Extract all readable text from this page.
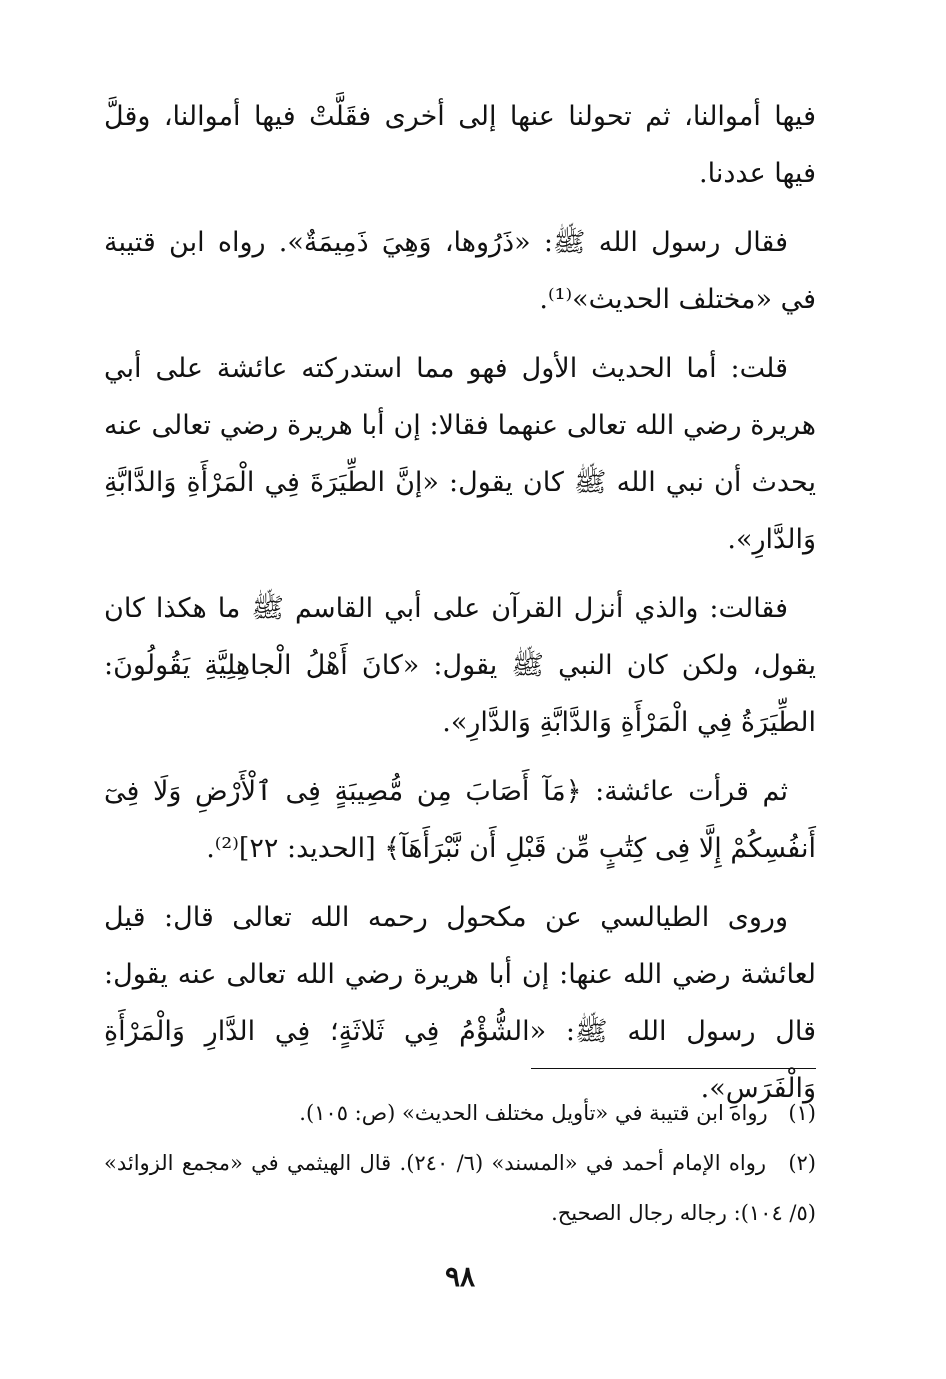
فيها أموالنا، ثم تحولنا عنها إلى أخرى فقَلَّتْ فيها أموالنا، وقلَّ فيها عددنا.

فقال رسول الله ﷺ: «ذَرُوها، وَهِيَ ذَمِيمَةٌ». رواه ابن قتيبة في «مختلف الحديث»⁽¹⁾.

قلت: أما الحديث الأول فهو مما استدركته عائشة على أبي هريرة رضي الله تعالى عنهما فقالا: إن أبا هريرة رضي تعالى عنه يحدث أن نبي الله ﷺ كان يقول: «إنَّ الطِّيَرَةَ فِي الْمَرْأَةِ وَالدَّابَّةِ وَالدَّارِ».

فقالت: والذي أنزل القرآن على أبي القاسم ﷺ ما هكذا كان يقول، ولكن كان النبي ﷺ يقول: «كانَ أَهْلُ الْجاهِلِيَّةِ يَقُولُونَ: الطِّيَرَةُ فِي الْمَرْأَةِ وَالدَّابَّةِ وَالدَّارِ».

ثم قرأت عائشة: ﴿مَآ أَصَابَ مِن مُّصِيبَةٍ فِى ٱلْأَرْضِ وَلَا فِىٓ أَنفُسِكُمْ إِلَّا فِى كِتَٰبٍ مِّن قَبْلِ أَن نَّبْرَأَهَآ﴾ [الحديد: ٢٢]⁽²⁾.

وروى الطيالسي عن مكحول رحمه الله تعالى قال: قيل لعائشة رضي الله عنها: إن أبا هريرة رضي الله تعالى عنه يقول: قال رسول الله ﷺ: «الشُّؤْمُ فِي ثَلاثَةٍ؛ فِي الدَّارِ وَالْمَرْأَةِ وَالْفَرَسِ».

(١) رواه ابن قتيبة في «تأويل مختلف الحديث» (ص: ١٠٥).

(٢) رواه الإمام أحمد في «المسند» (٦/ ٢٤٠). قال الهيثمي في «مجمع الزوائد» (٥/ ١٠٤): رجاله رجال الصحيح.

٩٨
